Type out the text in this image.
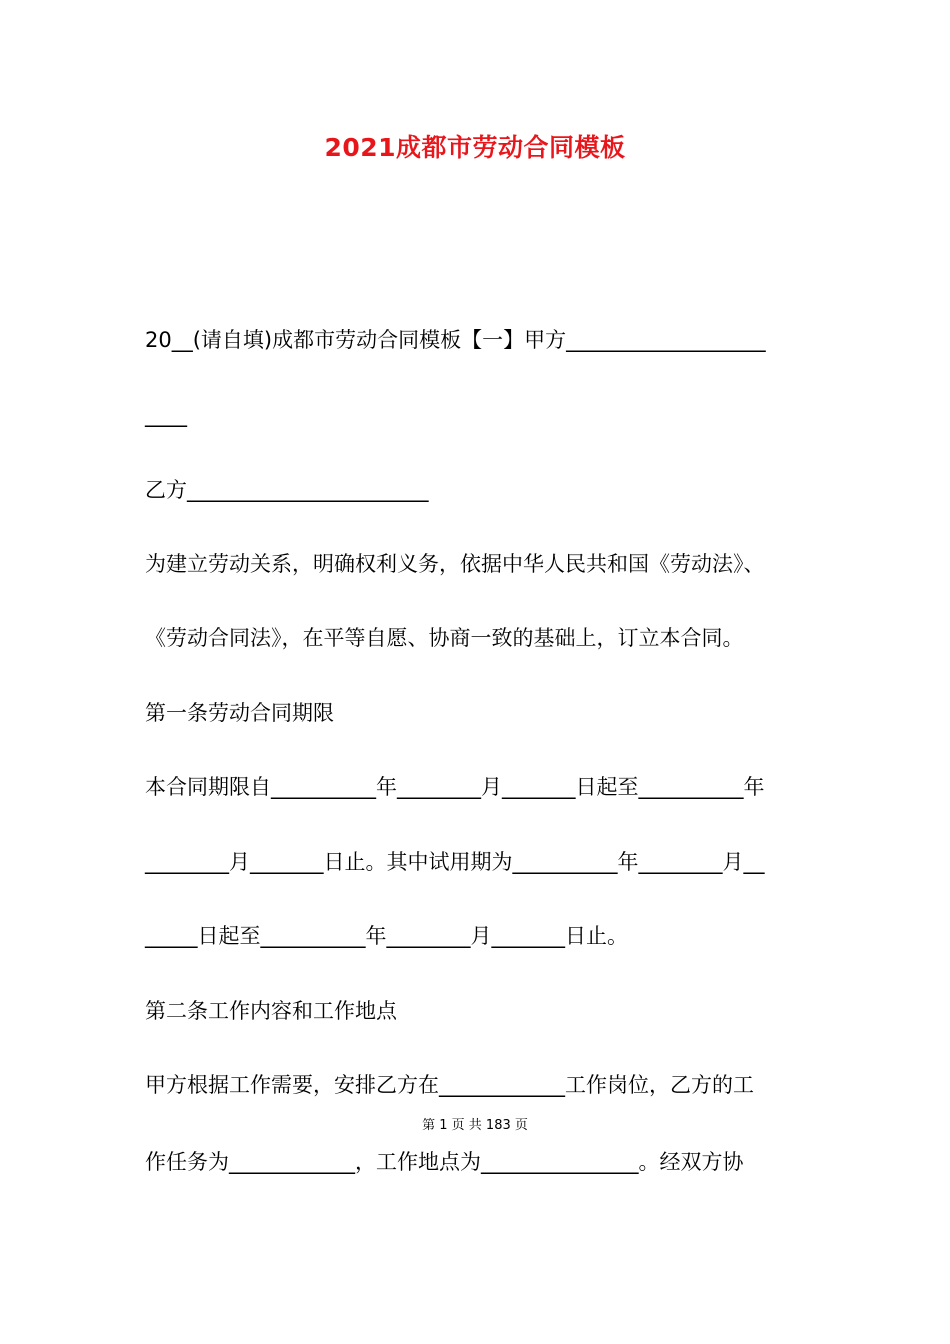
2021成都市劳动合同模板
20__(请自填)成都市劳动合同模板【一】甲方___________________
____
乙方_______________________
为建立劳动关系，明确权利义务，依据中华人民共和国《劳动法》、
《劳动合同法》，在平等自愿、协商一致的基础上，订立本合同。
第一条劳动合同期限
本合同期限自__________年________月_______日起至__________年
________月_______日止。其中试用期为__________年________月__
_____日起至__________年________月_______日止。
第二条工作内容和工作地点
甲方根据工作需要，安排乙方在____________工作岗位，乙方的工
第 1 页 共 183 页
作任务为____________，工作地点为_______________。经双方协
